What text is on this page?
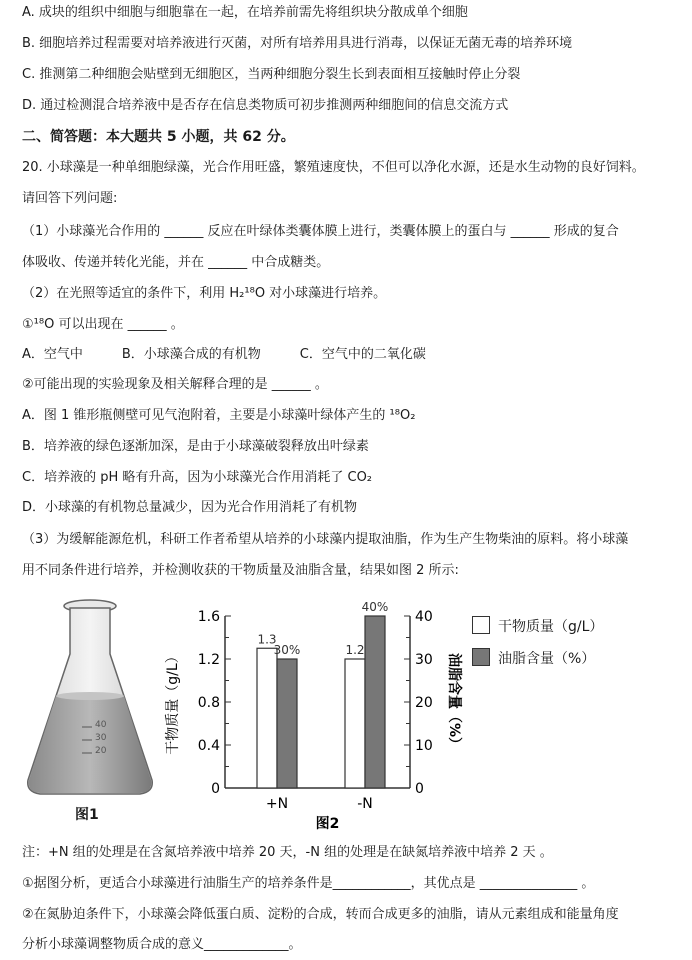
A. 成块的组织中细胞与细胞靠在一起，在培养前需先将组织块分散成单个细胞
B. 细胞培养过程需要对培养液进行灭菌，对所有培养用具进行消毒，以保证无菌无毒的培养环境
C. 推测第二种细胞会贴壁到无细胞区，当两种细胞分裂生长到表面相互接触时停止分裂
D. 通过检测混合培养液中是否存在信息类物质可初步推测两种细胞间的信息交流方式
二、简答题：本大题共 5 小题，共 62 分。
20. 小球藻是一种单细胞绿藻，光合作用旺盛，繁殖速度快，不但可以净化水源，还是水生动物的良好饲料。
请回答下列问题:
（1）小球藻光合作用的 ______ 反应在叶绿体类囊体膜上进行，类囊体膜上的蛋白与 ______ 形成的复合
体吸收、传递并转化光能，并在 ______ 中合成糖类。
（2）在光照等适宜的条件下，利用 H₂¹⁸O 对小球藻进行培养。
①¹⁸O 可以出现在 ______ 。
A．空气中　　　B．小球藻合成的有机物　　　C．空气中的二氧化碳
②可能出现的实验现象及相关解释合理的是 ______ 。
A．图 1 锥形瓶侧壁可见气泡附着，主要是小球藻叶绿体产生的 ¹⁸O₂
B．培养液的绿色逐渐加深，是由于小球藻破裂释放出叶绿素
C．培养液的 pH 略有升高，因为小球藻光合作用消耗了 CO₂
D．小球藻的有机物总量减少，因为光合作用消耗了有机物
（3）为缓解能源危机，科研工作者希望从培养的小球藻内提取油脂，作为生产生物柴油的原料。将小球藻
用不同条件进行培养，并检测收获的干物质量及油脂含量，结果如图 2 所示:
40
30
20
图1
0
0.4
0.8
1.2
1.6
0
10
20
30
40
干物质量（g/L）	油脂含量（%）
1.3
30%
+N
1.2
40%
-N
图2
干物质量（g/L）
油脂含量（%）
注：+N 组的处理是在含氮培养液中培养 20 天，-N 组的处理是在缺氮培养液中培养 2 天 。
①据图分析，更适合小球藻进行油脂生产的培养条件是____________，其优点是 _______________ 。
②在氮胁迫条件下，小球藻会降低蛋白质、淀粉的合成，转而合成更多的油脂，请从元素组成和能量角度
分析小球藻调整物质合成的意义_____________。
